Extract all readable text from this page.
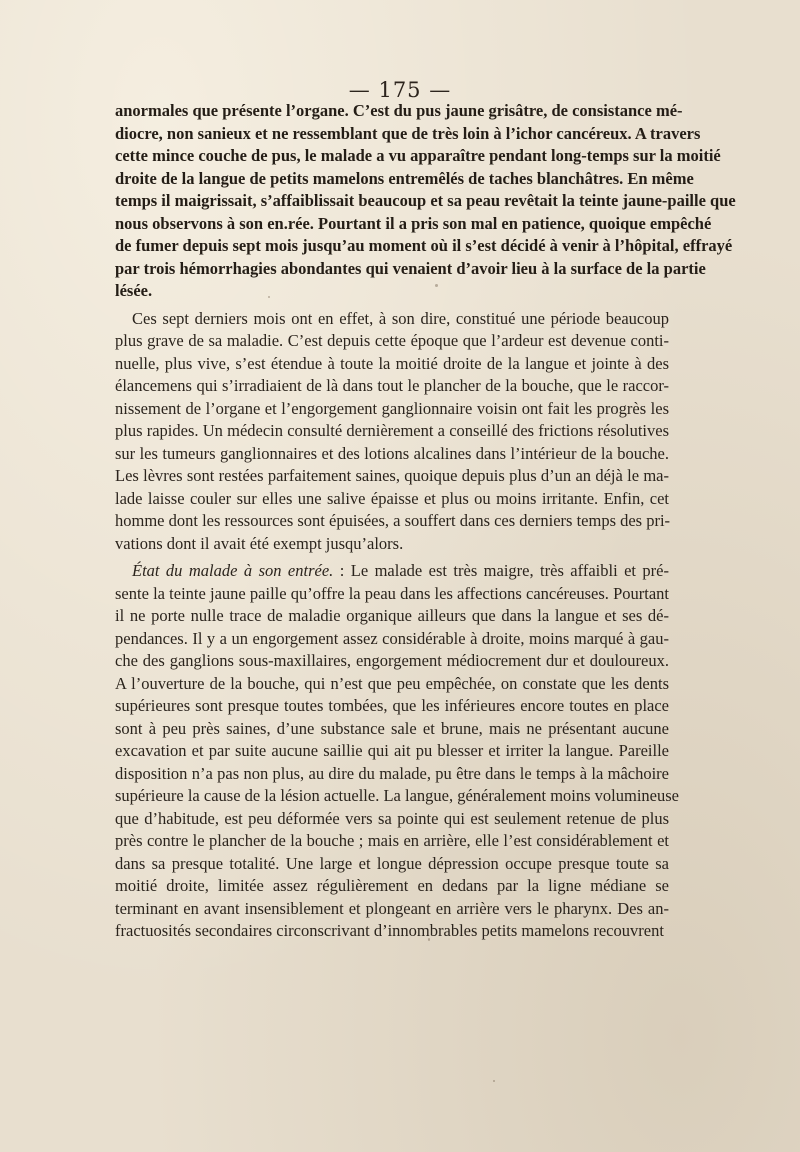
— 175 —
anormales que présente l’organe. C’est du pus jaune grisâtre, de consistance mé-
diocre, non sanieux et ne ressemblant que de très loin à l’ichor cancéreux. A travers
cette mince couche de pus, le malade a vu apparaître pendant long-temps sur la moitié
droite de la langue de petits mamelons entremêlés de taches blanchâtres. En même
temps il maigrissait, s’affaiblissait beaucoup et sa peau revêtait la teinte jaune-paille que
nous observons à son en.rée. Pourtant il a pris son mal en patience, quoique empêché
de fumer depuis sept mois jusqu’au moment où il s’est décidé à venir à l’hôpital, effrayé
par trois hémorrhagies abondantes qui venaient d’avoir lieu à la surface de la partie
lésée.
Ces sept derniers mois ont en effet, à son dire, constitué une période beaucoup
plus grave de sa maladie. C’est depuis cette époque que l’ardeur est devenue conti-
nuelle, plus vive, s’est étendue à toute la moitié droite de la langue et jointe à des
élancemens qui s’irradiaient de là dans tout le plancher de la bouche, que le raccor-
nissement de l’organe et l’engorgement ganglionnaire voisin ont fait les progrès les
plus rapides. Un médecin consulté dernièrement a conseillé des frictions résolutives
sur les tumeurs ganglionnaires et des lotions alcalines dans l’intérieur de la bouche.
Les lèvres sont restées parfaitement saines, quoique depuis plus d’un an déjà le ma-
lade laisse couler sur elles une salive épaisse et plus ou moins irritante. Enfin, cet
homme dont les ressources sont épuisées, a souffert dans ces derniers temps des pri-
vations dont il avait été exempt jusqu’alors.
État du malade à son entrée. : Le malade est très maigre, très affaibli et pré-
sente la teinte jaune paille qu’offre la peau dans les affections cancéreuses. Pourtant
il ne porte nulle trace de maladie organique ailleurs que dans la langue et ses dé-
pendances. Il y a un engorgement assez considérable à droite, moins marqué à gau-
che des ganglions sous-maxillaires, engorgement médiocrement dur et douloureux.
A l’ouverture de la bouche, qui n’est que peu empêchée, on constate que les dents
supérieures sont presque toutes tombées, que les inférieures encore toutes en place
sont à peu près saines, d’une substance sale et brune, mais ne présentant aucune
excavation et par suite aucune saillie qui ait pu blesser et irriter la langue. Pareille
disposition n’a pas non plus, au dire du malade, pu être dans le temps à la mâchoire
supérieure la cause de la lésion actuelle. La langue, généralement moins volumineuse
que d’habitude, est peu déformée vers sa pointe qui est seulement retenue de plus
près contre le plancher de la bouche ; mais en arrière, elle l’est considérablement et
dans sa presque totalité. Une large et longue dépression occupe presque toute sa
moitié droite, limitée assez régulièrement en dedans par la ligne médiane se
terminant en avant insensiblement et plongeant en arrière vers le pharynx. Des an-
fractuosités secondaires circonscrivant d’innombrables petits mamelons recouvrent
